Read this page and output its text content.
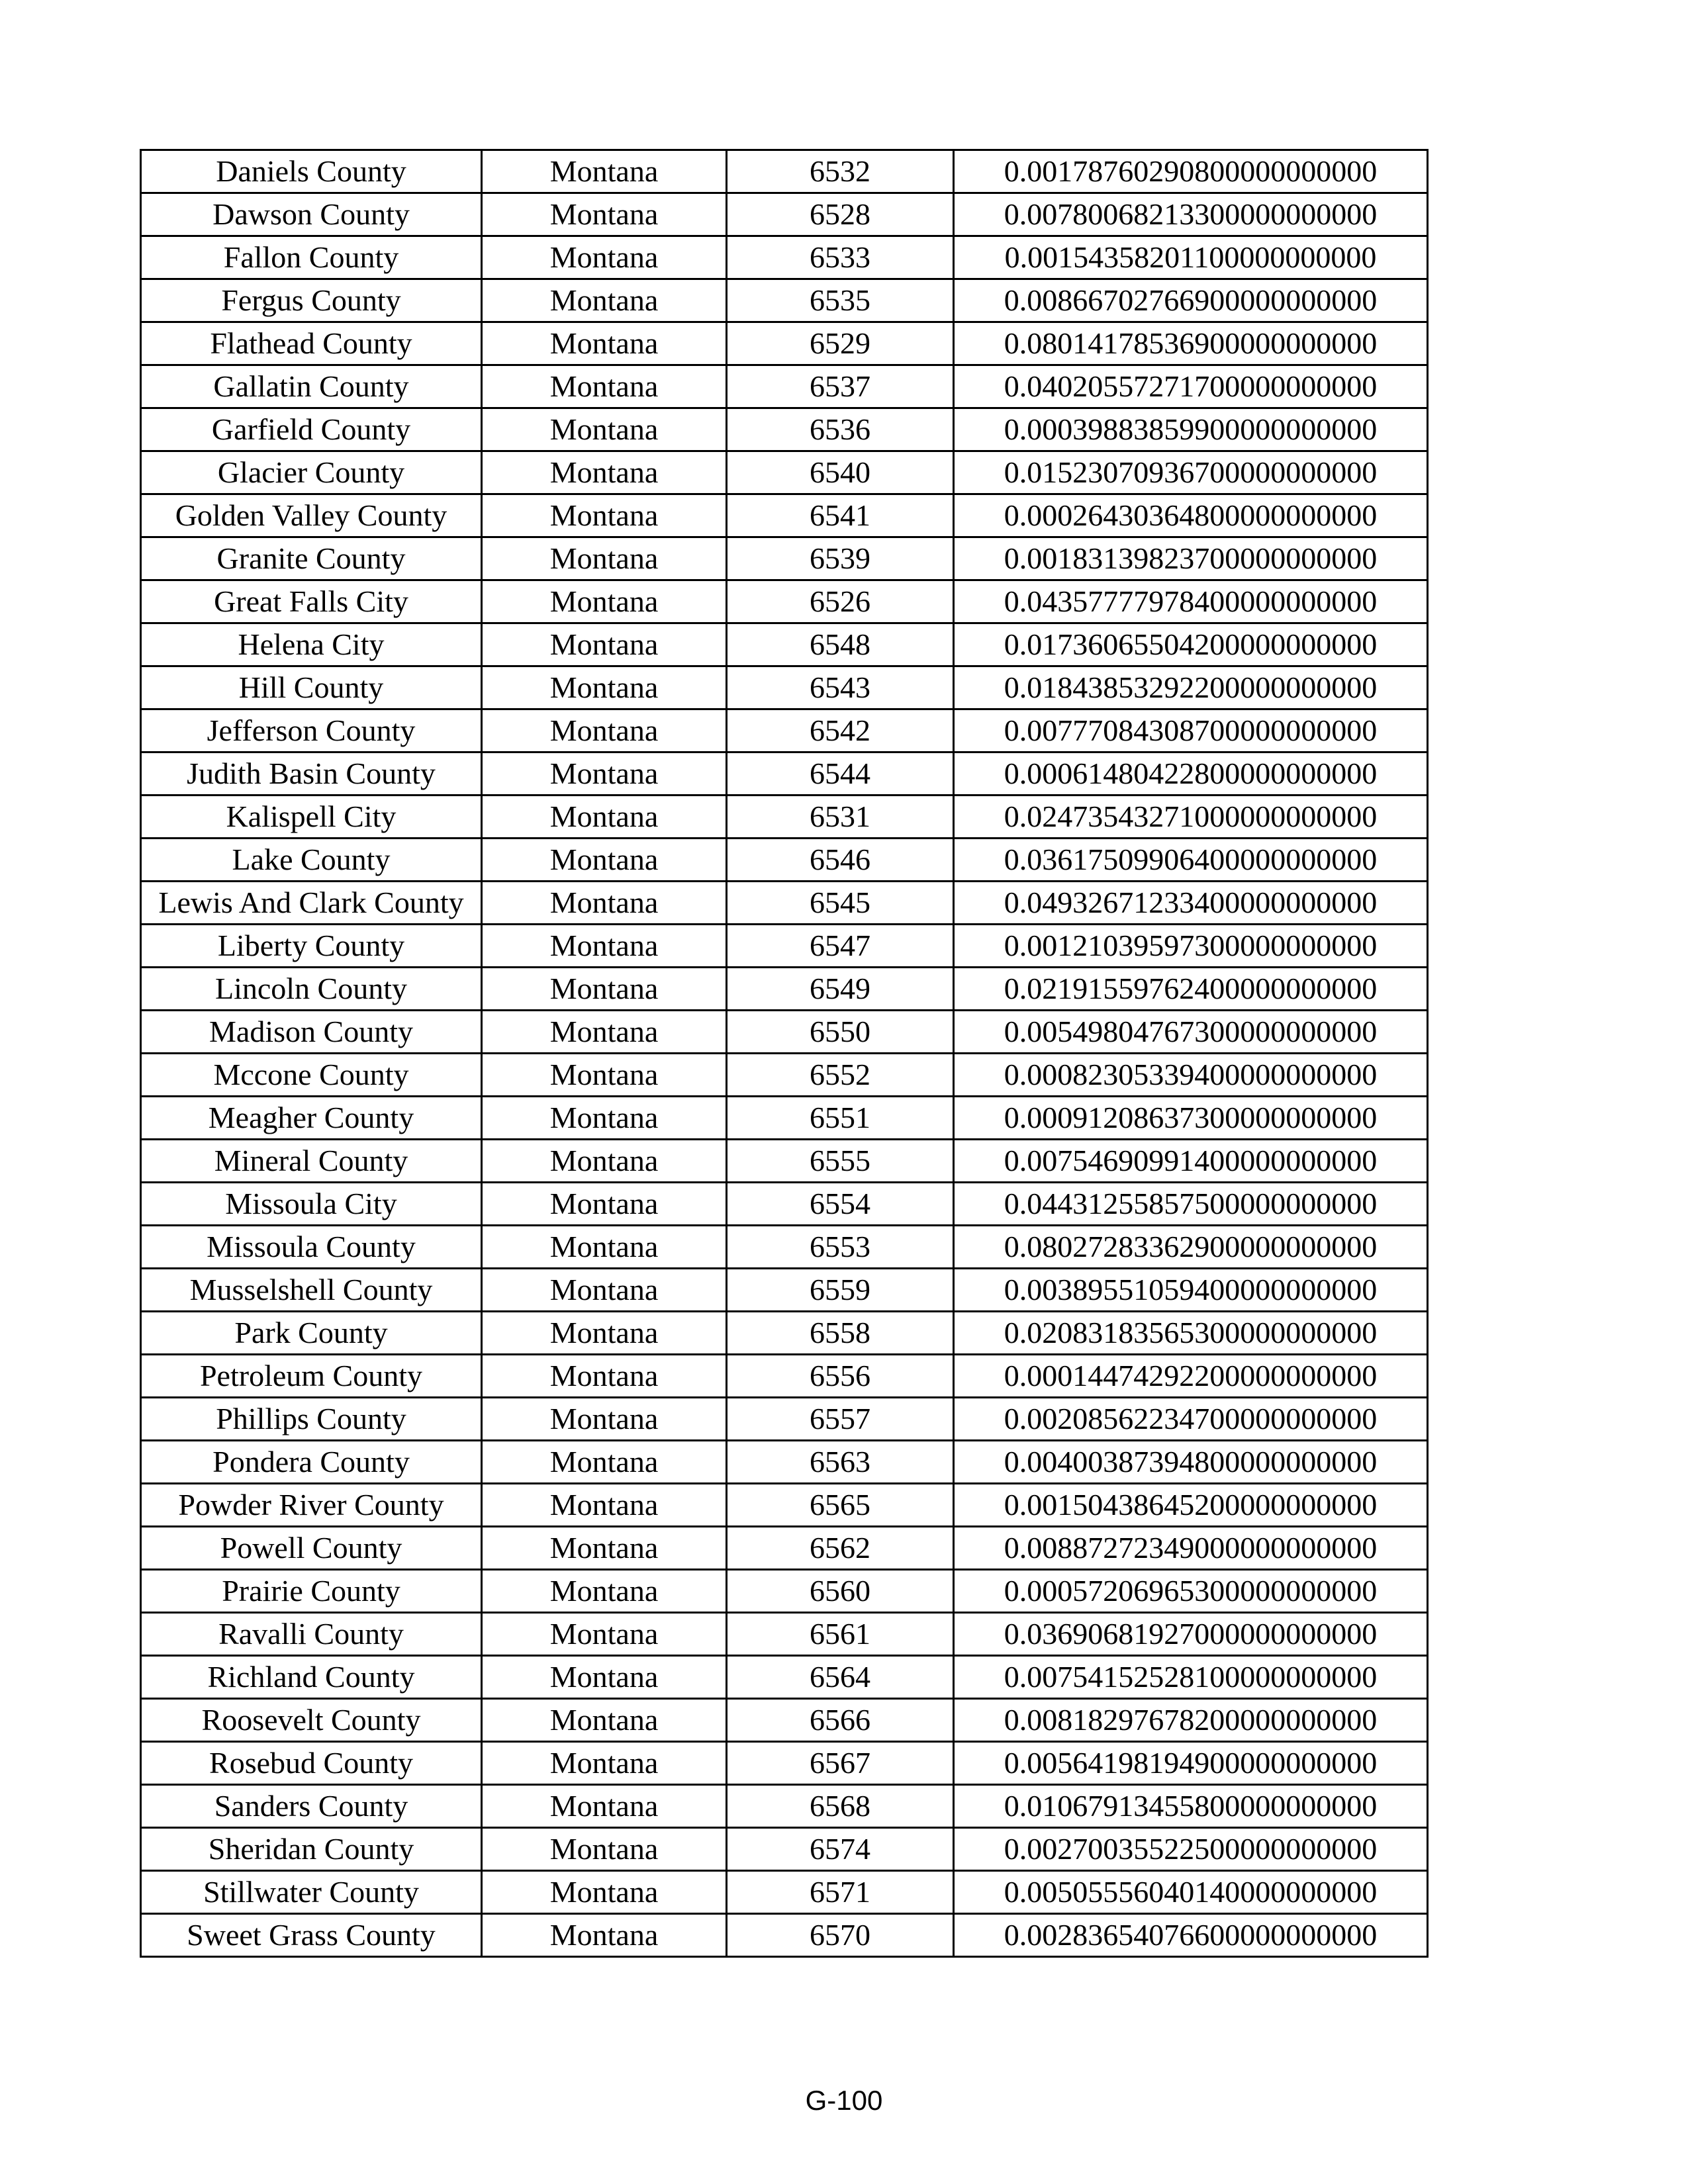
Daniels County	Montana	6532	0.00178760290800000000000
Dawson County	Montana	6528	0.00780068213300000000000
Fallon County	Montana	6533	0.00154358201100000000000
Fergus County	Montana	6535	0.00866702766900000000000
Flathead County	Montana	6529	0.08014178536900000000000
Gallatin County	Montana	6537	0.04020557271700000000000
Garfield County	Montana	6536	0.00039883859900000000000
Glacier County	Montana	6540	0.01523070936700000000000
Golden Valley County	Montana	6541	0.00026430364800000000000
Granite County	Montana	6539	0.00183139823700000000000
Great Falls City	Montana	6526	0.04357777978400000000000
Helena City	Montana	6548	0.01736065504200000000000
Hill County	Montana	6543	0.01843853292200000000000
Jefferson County	Montana	6542	0.00777084308700000000000
Judith Basin County	Montana	6544	0.00061480422800000000000
Kalispell City	Montana	6531	0.02473543271000000000000
Lake County	Montana	6546	0.03617509906400000000000
Lewis And Clark County	Montana	6545	0.04932671233400000000000
Liberty County	Montana	6547	0.00121039597300000000000
Lincoln County	Montana	6549	0.02191559762400000000000
Madison County	Montana	6550	0.00549804767300000000000
Mccone County	Montana	6552	0.00082305339400000000000
Meagher County	Montana	6551	0.00091208637300000000000
Mineral County	Montana	6555	0.00754690991400000000000
Missoula City	Montana	6554	0.04431255857500000000000
Missoula County	Montana	6553	0.08027283362900000000000
Musselshell County	Montana	6559	0.00389551059400000000000
Park County	Montana	6558	0.02083183565300000000000
Petroleum County	Montana	6556	0.00014474292200000000000
Phillips County	Montana	6557	0.00208562234700000000000
Pondera County	Montana	6563	0.00400387394800000000000
Powder River County	Montana	6565	0.00150438645200000000000
Powell County	Montana	6562	0.00887272349000000000000
Prairie County	Montana	6560	0.00057206965300000000000
Ravalli County	Montana	6561	0.03690681927000000000000
Richland County	Montana	6564	0.00754152528100000000000
Roosevelt County	Montana	6566	0.00818297678200000000000
Rosebud County	Montana	6567	0.00564198194900000000000
Sanders County	Montana	6568	0.01067913455800000000000
Sheridan County	Montana	6574	0.00270035522500000000000
Stillwater County	Montana	6571	0.00505556040140000000000
Sweet Grass County	Montana	6570	0.00283654076600000000000
G-100
